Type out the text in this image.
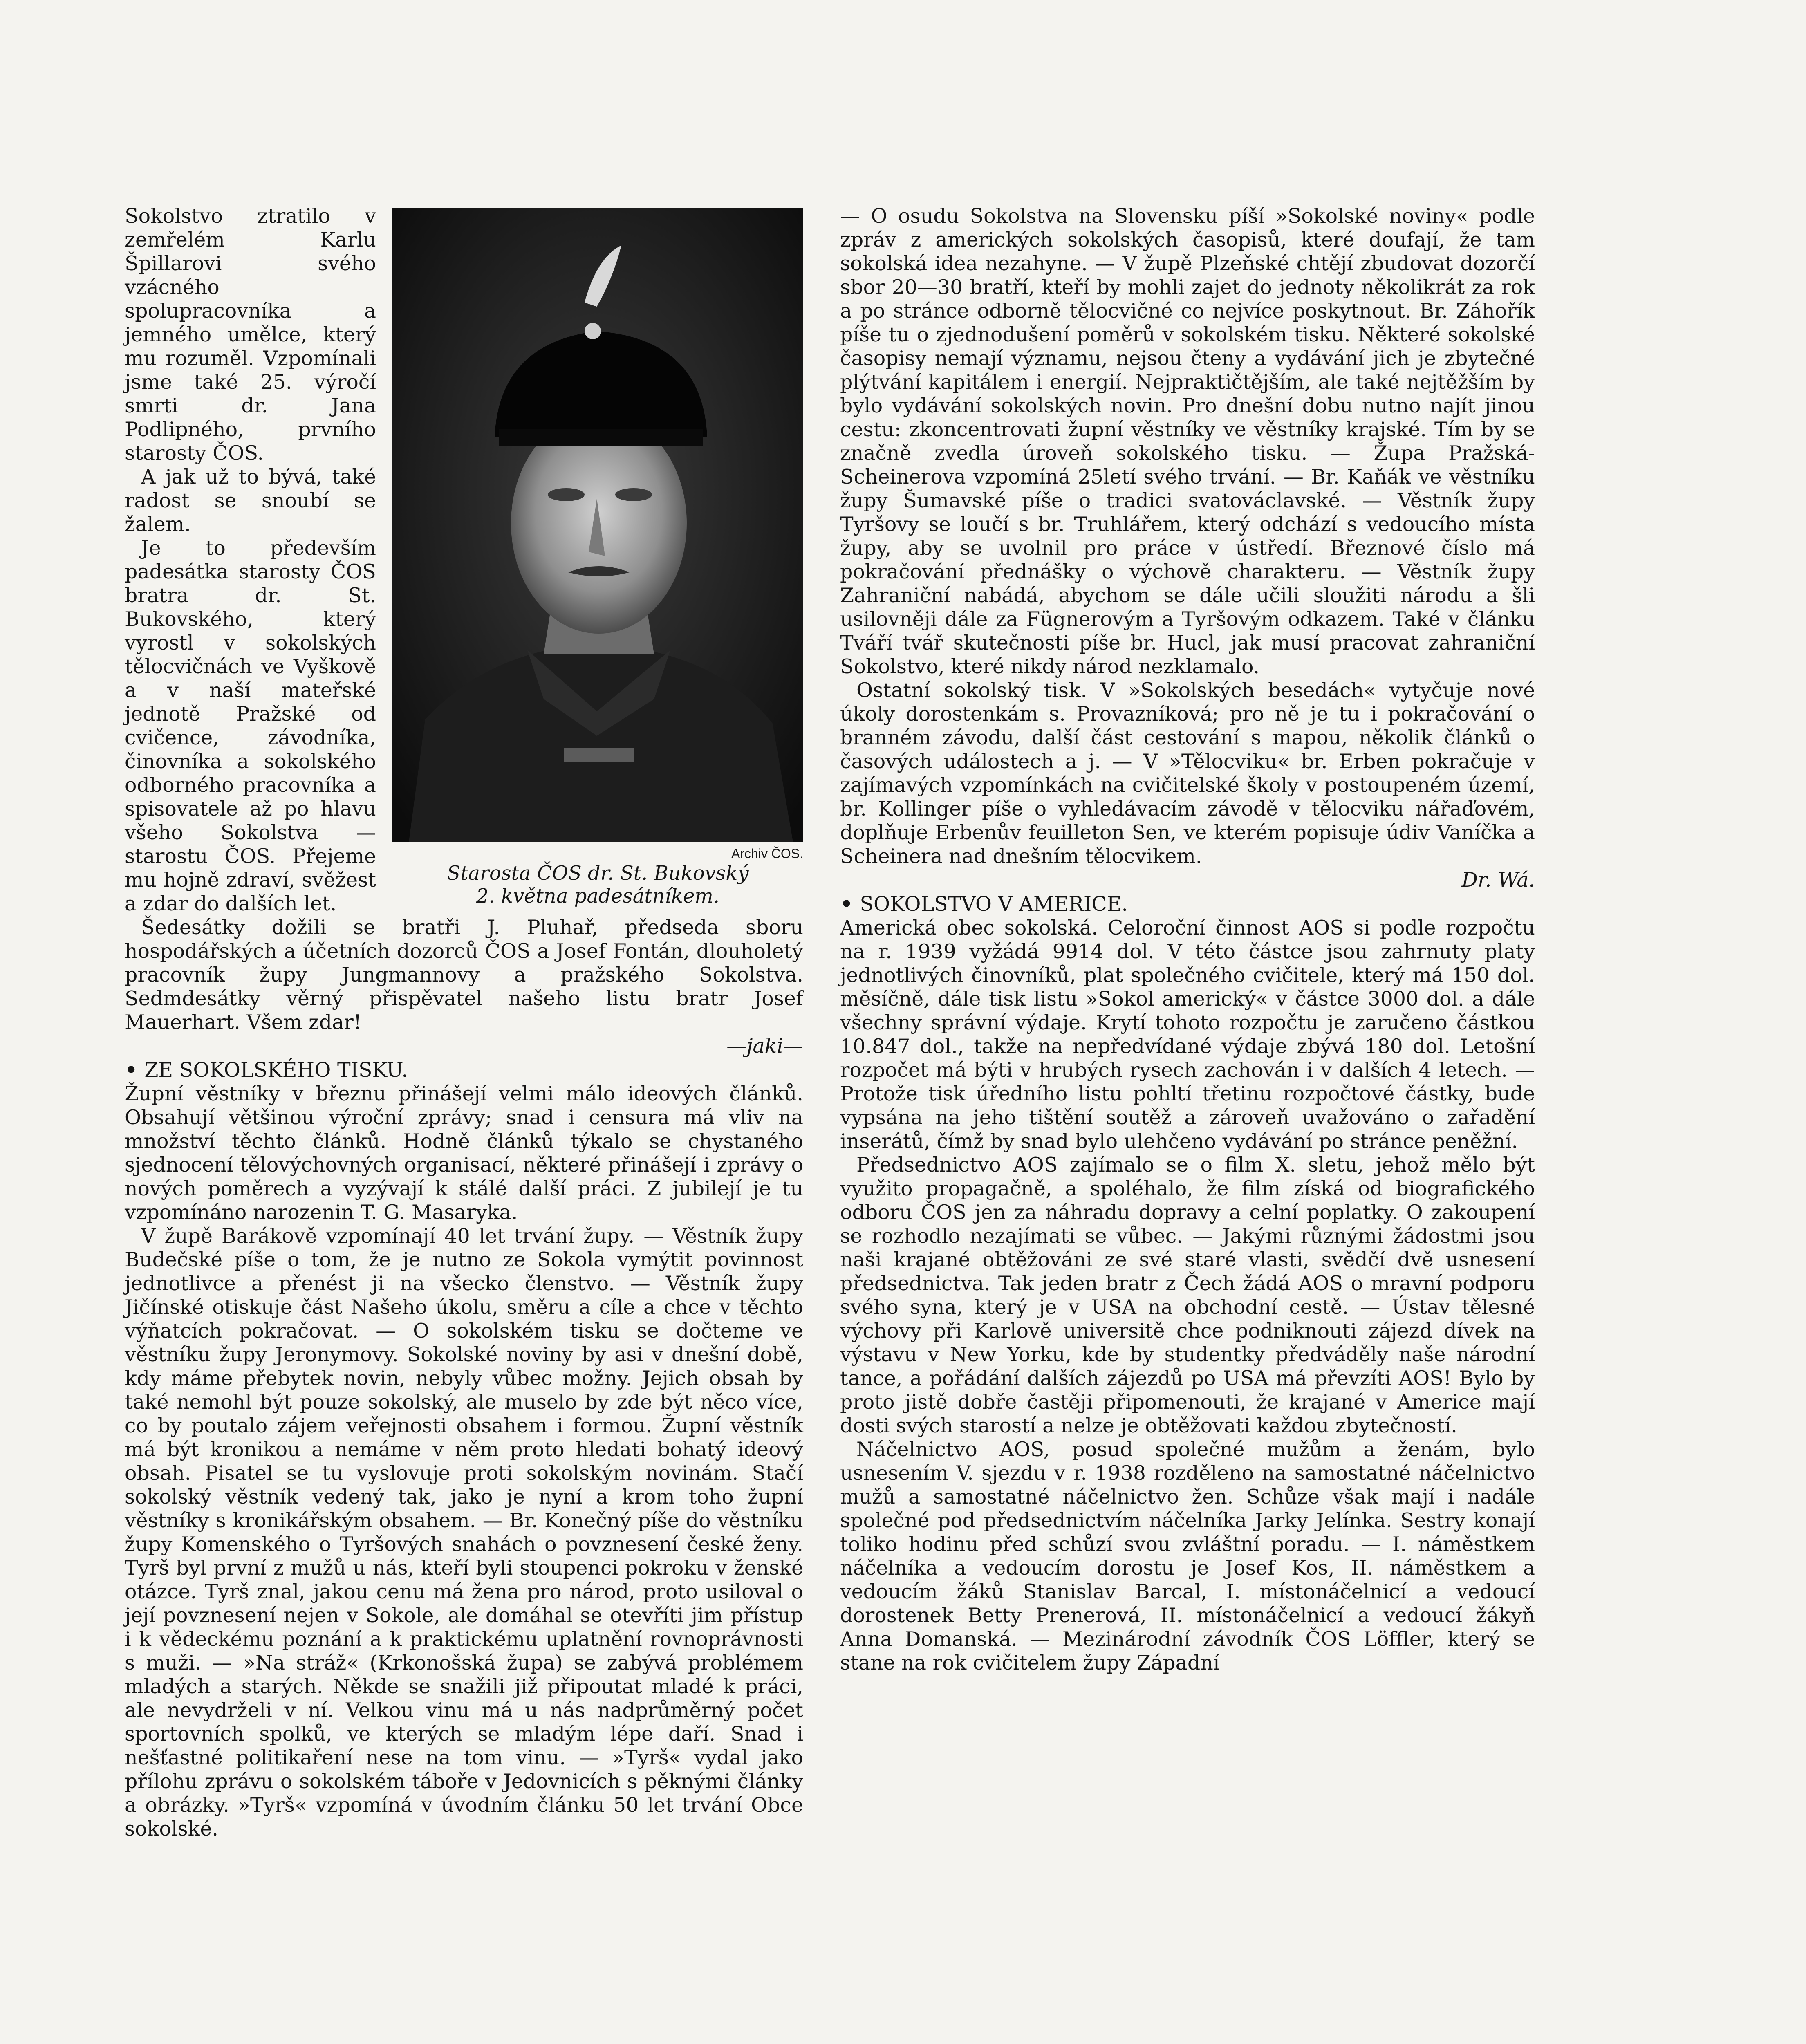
Archiv ČOS.
Starosta ČOS dr. St. Bukovský
2. května padesátníkem.

Sokolstvo ztratilo v zemřelém Karlu Špillarovi svého vzácného spolupracovníka a jemného umělce, který mu rozuměl. Vzpomínali jsme také 25. výročí smrti dr. Jana Podlipného, prvního starosty ČOS.

A jak už to bývá, také radost se snoubí se žalem.

Je to především padesátka starosty ČOS bratra dr. St. Bukovského, který vyrostl v sokolských tělocvičnách ve Vyškově a v naší mateřské jednotě Pražské od cvičence, závodníka, činovníka a sokolského odborného pracovníka a spisovatele až po hlavu všeho Sokolstva — starostu ČOS. Přejeme mu hojně zdraví, svěžest a zdar do dalších let.

Šedesátky dožili se bratři J. Pluhař, předseda sboru hospodářských a účetních dozorců ČOS a Josef Fontán, dlouholetý pracovník župy Jungmannovy a pražského Sokolstva. Sedmdesátky věrný přispěvatel našeho listu bratr Josef Mauerhart. Všem zdar!

—jaki—

• ZE SOKOLSKÉHO TISKU.

Župní věstníky v březnu přinášejí velmi málo ideových článků. Obsahují většinou výroční zprávy; snad i censura má vliv na množství těchto článků. Hodně článků týkalo se chystaného sjednocení tělovýchovných organisací, některé přinášejí i zprávy o nových poměrech a vyzývají k stálé další práci. Z jubilejí je tu vzpomínáno narozenin T. G. Masaryka.

V župě Barákově vzpomínají 40 let trvání župy. — Věstník župy Budečské píše o tom, že je nutno ze Sokola vymýtit povinnost jednotlivce a přenést ji na všecko členstvo. — Věstník župy Jičínské otiskuje část Našeho úkolu, směru a cíle a chce v těchto výňatcích pokračovat. — O sokolském tisku se dočteme ve věstníku župy Jeronymovy. Sokolské noviny by asi v dnešní době, kdy máme přebytek novin, nebyly vůbec možny. Jejich obsah by také nemohl být pouze sokolský, ale muselo by zde být něco více, co by poutalo zájem veřejnosti obsahem i formou. Župní věstník má být kronikou a nemáme v něm proto hledati bohatý ideový obsah. Pisatel se tu vyslovuje proti sokolským novinám. Stačí sokolský věstník vedený tak, jako je nyní a krom toho župní věstníky s kronikářským obsahem. — Br. Konečný píše do věstníku župy Komenského o Tyršových snahách o povznesení české ženy. Tyrš byl první z mužů u nás, kteří byli stoupenci pokroku v ženské otázce. Tyrš znal, jakou cenu má žena pro národ, proto usiloval o její povznesení nejen v Sokole, ale domáhal se otevříti jim přístup i k vědeckému poznání a k praktickému uplatnění rovnoprávnosti s muži. — »Na stráž« (Krkonošská župa) se zabývá problémem mladých a starých. Někde se snažili již připoutat mladé k práci, ale nevydrželi v ní. Velkou vinu má u nás nadprůměrný počet sportovních spolků, ve kterých se mladým lépe daří. Snad i nešťastné politikaření nese na tom vinu. — »Tyrš« vydal jako přílohu zprávu o sokolském táboře v Jedovnicích s pěknými články a obrázky. »Tyrš« vzpomíná v úvodním článku 50 let trvání Obce sokolské.

— O osudu Sokolstva na Slovensku píší »Sokolské noviny« podle zpráv z amerických sokolských časopisů, které doufají, že tam sokolská idea nezahyne. — V župě Plzeňské chtějí zbudovat dozorčí sbor 20—30 bratří, kteří by mohli zajet do jednoty několikrát za rok a po stránce odborně tělocvičné co nejvíce poskytnout. Br. Záhořík píše tu o zjednodušení poměrů v sokolském tisku. Některé sokolské časopisy nemají významu, nejsou čteny a vydávání jich je zbytečné plýtvání kapitálem i energií. Nejpraktičtějším, ale také nejtěžším by bylo vydávání sokolských novin. Pro dnešní dobu nutno najít jinou cestu: zkoncentrovati župní věstníky ve věstníky krajské. Tím by se značně zvedla úroveň sokolského tisku. — Župa Pražská-Scheinerova vzpomíná 25letí svého trvání. — Br. Kaňák ve věstníku župy Šumavské píše o tradici svatováclavské. — Věstník župy Tyršovy se loučí s br. Truhlářem, který odchází s vedoucího místa župy, aby se uvolnil pro práce v ústředí. Březnové číslo má pokračování přednášky o výchově charakteru. — Věstník župy Zahraniční nabádá, abychom se dále učili sloužiti národu a šli usilovněji dále za Fügnerovým a Tyršovým odkazem. Také v článku Tváří tvář skutečnosti píše br. Hucl, jak musí pracovat zahraniční Sokolstvo, které nikdy národ nezklamalo.

Ostatní sokolský tisk. V »Sokolských besedách« vytyčuje nové úkoly dorostenkám s. Provazníková; pro ně je tu i pokračování o branném závodu, další část cestování s mapou, několik článků o časových událostech a j. — V »Tělocviku« br. Erben pokračuje v zajímavých vzpomínkách na cvičitelské školy v postoupeném území, br. Kollinger píše o vyhledávacím závodě v tělocviku nářaďovém, doplňuje Erbenův feuilleton Sen, ve kterém popisuje údiv Vaníčka a Scheinera nad dnešním tělocvikem.

Dr. Wá.

• SOKOLSTVO V AMERICE.

Americká obec sokolská. Celoroční činnost AOS si podle rozpočtu na r. 1939 vyžádá 9914 dol. V této částce jsou zahrnuty platy jednotlivých činovníků, plat společného cvičitele, který má 150 dol. měsíčně, dále tisk listu »Sokol americký« v částce 3000 dol. a dále všechny správní výdaje. Krytí tohoto rozpočtu je zaručeno částkou 10.847 dol., takže na nepředvídané výdaje zbývá 180 dol. Letošní rozpočet má býti v hrubých rysech zachován i v dalších 4 letech. — Protože tisk úředního listu pohltí třetinu rozpočtové částky, bude vypsána na jeho tištění soutěž a zároveň uvažováno o zařadění inserátů, čímž by snad bylo ulehčeno vydávání po stránce peněžní.

Předsednictvo AOS zajímalo se o film X. sletu, jehož mělo být využito propagačně, a spoléhalo, že film získá od biografického odboru ČOS jen za náhradu dopravy a celní poplatky. O zakoupení se rozhodlo nezajímati se vůbec. — Jakými různými žádostmi jsou naši krajané obtěžováni ze své staré vlasti, svědčí dvě usnesení předsednictva. Tak jeden bratr z Čech žádá AOS o mravní podporu svého syna, který je v USA na obchodní cestě. — Ústav tělesné výchovy při Karlově universitě chce podniknouti zájezd dívek na výstavu v New Yorku, kde by studentky předváděly naše národní tance, a pořádání dalších zájezdů po USA má převzíti AOS! Bylo by proto jistě dobře častěji připomenouti, že krajané v Americe mají dosti svých starostí a nelze je obtěžovati každou zbytečností.

Náčelnictvo AOS, posud společné mužům a ženám, bylo usnesením V. sjezdu v r. 1938 rozděleno na samostatné náčelnictvo mužů a samostatné náčelnictvo žen. Schůze však mají i nadále společné pod předsednictvím náčelníka Jarky Jelínka. Sestry konají toliko hodinu před schůzí svou zvláštní poradu. — I. náměstkem náčelníka a vedoucím dorostu je Josef Kos, II. náměstkem a vedoucím žáků Stanislav Barcal, I. místonáčelnicí a vedoucí dorostenek Betty Prenerová, II. místonáčelnicí a vedoucí žákyň Anna Domanská. — Mezinárodní závodník ČOS Löffler, který se stane na rok cvičitelem župy Západní
